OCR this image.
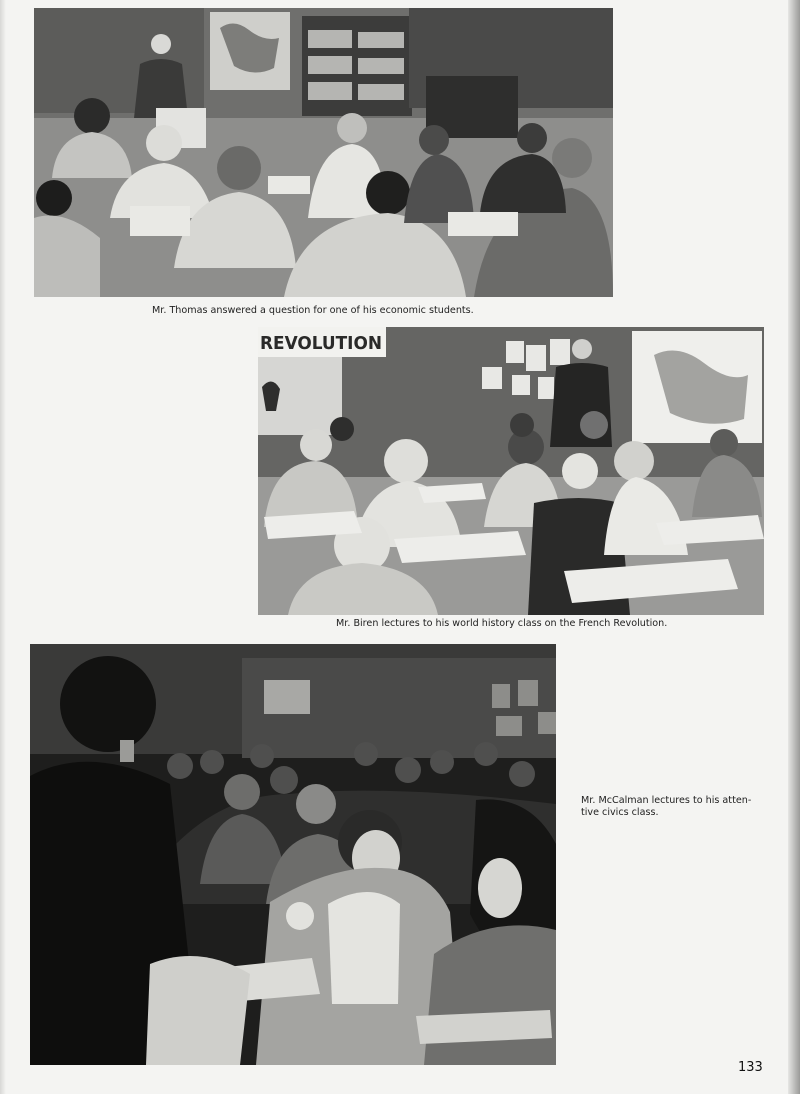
Mr. Thomas answered a question for one of his economic students.
REVOLUTION
Mr. Biren lectures to his world history class on the French Revolution.
Mr. McCalman lectures to his atten-
tive civics class.
133
